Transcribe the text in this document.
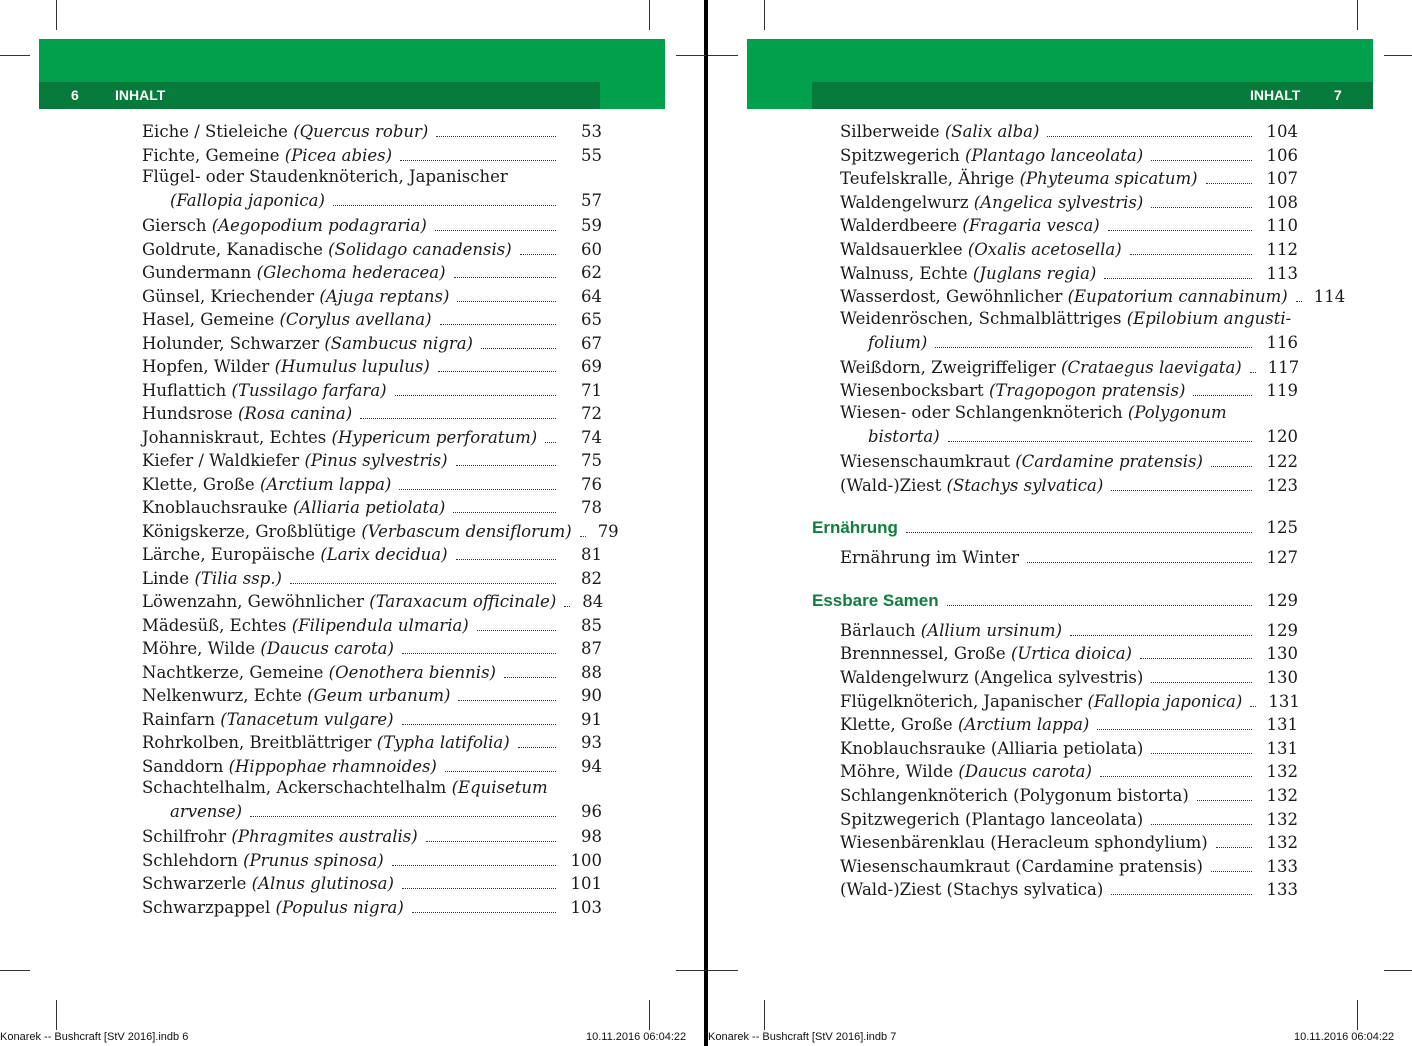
6	INHALT
Eiche / Stieleiche (Quercus robur)	53
Fichte, Gemeine (Picea abies)	55
Flügel- oder Staudenknöterich, Japanischer
(Fallopia japonica)	57
Giersch (Aegopodium podagraria)	59
Goldrute, Kanadische (Solidago canadensis)	60
Gundermann (Glechoma hederacea)	62
Günsel, Kriechender (Ajuga reptans)	64
Hasel, Gemeine (Corylus avellana)	65
Holunder, Schwarzer (Sambucus nigra)	67
Hopfen, Wilder (Humulus lupulus)	69
Huflattich (Tussilago farfara)	71
Hundsrose (Rosa canina)	72
Johanniskraut, Echtes (Hypericum perforatum)	74
Kiefer / Waldkiefer (Pinus sylvestris)	75
Klette, Große (Arctium lappa)	76
Knoblauchsrauke (Alliaria petiolata)	78
Königskerze, Großblütige (Verbascum densiflorum) 79
Lärche, Europäische (Larix decidua)	81
Linde (Tilia ssp.)	82
Löwenzahn, Gewöhnlicher (Taraxacum officinale) 84
Mädesüß, Echtes (Filipendula ulmaria)	85
Möhre, Wilde (Daucus carota)	87
Nachtkerze, Gemeine (Oenothera biennis)	88
Nelkenwurz, Echte (Geum urbanum)	90
Rainfarn (Tanacetum vulgare)	91
Rohrkolben, Breitblättriger (Typha latifolia)	93
Sanddorn (Hippophae rhamnoides)	94
Schachtelhalm, Ackerschachtelhalm (Equisetum
arvense)	96
Schilfrohr (Phragmites australis)	98
Schlehdorn (Prunus spinosa)	100
Schwarzerle (Alnus glutinosa)	101
Schwarzpappel (Populus nigra)	103
Konarek -- Bushcraft [StV 2016].indb 6	10.11.2016 06:04:22
INHALT 7
Silberweide (Salix alba)	104
Spitzwegerich (Plantago lanceolata)	106
Teufelskralle, Ährige (Phyteuma spicatum)	107
Waldengelwurz (Angelica sylvestris)	108
Walderdbeere (Fragaria vesca)	110
Waldsauerklee (Oxalis acetosella)	112
Walnuss, Echte (Juglans regia)	113
Wasserdost, Gewöhnlicher (Eupatorium cannabinum) 114
Weidenröschen, Schmalblättriges (Epilobium angusti-
folium)	116
Weißdorn, Zweigriffeliger (Crataegus laevigata) 117
Wiesenbocksbart (Tragopogon pratensis)	119
Wiesen- oder Schlangenknöterich (Polygonum
bistorta)	120
Wiesenschaumkraut (Cardamine pratensis)	122
(Wald-)Ziest (Stachys sylvatica)	123
Ernährung	125
Ernährung im Winter	127
Essbare Samen	129
Bärlauch (Allium ursinum)	129
Brennnessel, Große (Urtica dioica)	130
Waldengelwurz (Angelica sylvestris)	130
Flügelknöterich, Japanischer (Fallopia japonica) 131
Klette, Große (Arctium lappa)	131
Knoblauchsrauke (Alliaria petiolata)	131
Möhre, Wilde (Daucus carota)	132
Schlangenknöterich (Polygonum bistorta)	132
Spitzwegerich (Plantago lanceolata)	132
Wiesenbärenklau (Heracleum sphondylium)	132
Wiesenschaumkraut (Cardamine pratensis)	133
(Wald-)Ziest (Stachys sylvatica)	133
Konarek -- Bushcraft [StV 2016].indb 7	10.11.2016 06:04:22
